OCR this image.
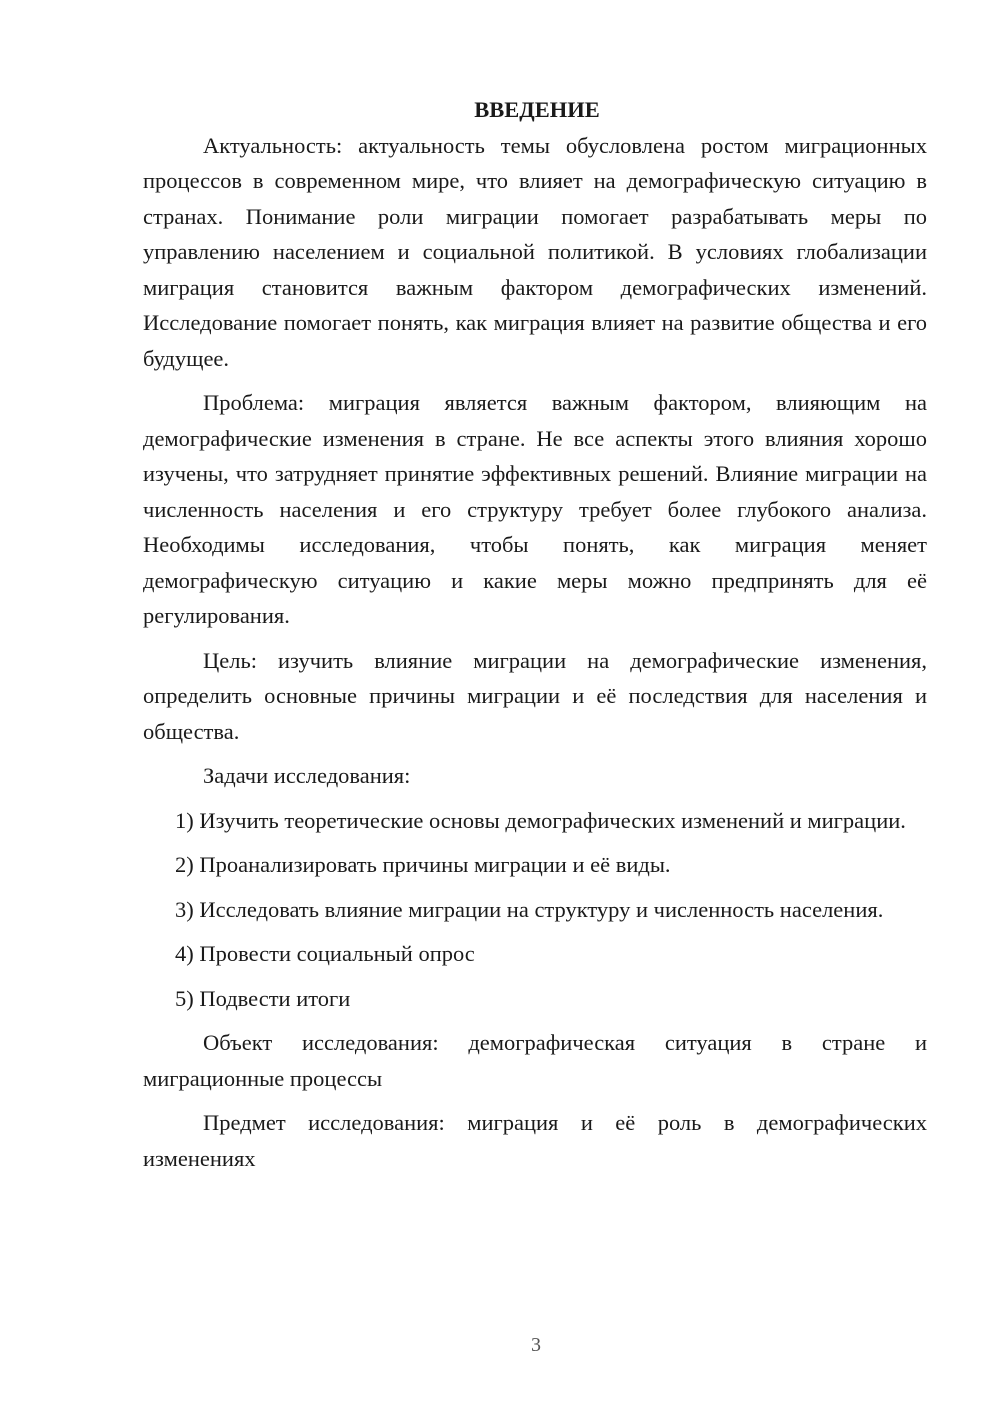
ВВЕДЕНИЕ

Актуальность: актуальность темы обусловлена ростом миграционных процессов в современном мире, что влияет на демографическую ситуацию в странах. Понимание роли миграции помогает разрабатывать меры по управлению населением и социальной политикой. В условиях глобализации миграция становится важным фактором демографических изменений. Исследование помогает понять, как миграция влияет на развитие общества и его будущее.

Проблема: миграция является важным фактором, влияющим на демографические изменения в стране. Не все аспекты этого влияния хорошо изучены, что затрудняет принятие эффективных решений. Влияние миграции на численность населения и его структуру требует более глубокого анализа. Необходимы исследования, чтобы понять, как миграция меняет демографическую ситуацию и какие меры можно предпринять для её регулирования.

Цель: изучить влияние миграции на демографические изменения, определить основные причины миграции и её последствия для населения и общества.

Задачи исследования:

1) Изучить теоретические основы демографических изменений и миграции.

2) Проанализировать причины миграции и её виды.

3) Исследовать влияние миграции на структуру и численность населения.

4) Провести социальный опрос

5) Подвести итоги

Объект исследования: демографическая ситуация в стране и миграционные процессы

Предмет исследования: миграция и её роль в демографических изменениях

3
